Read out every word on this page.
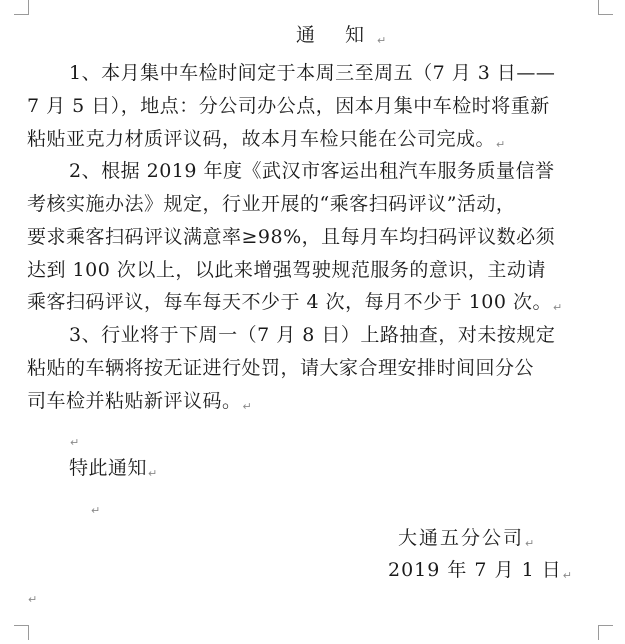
通 知↵
1、本月集中车检时间定于本周三至周五（7 月 3 日——
7 月 5 日），地点：分公司办公点，因本月集中车检时将重新
粘贴亚克力材质评议码，故本月车检只能在公司完成。↵
2、根据 2019 年度《武汉市客运出租汽车服务质量信誉
考核实施办法》规定，行业开展的“乘客扫码评议”活动，
要求乘客扫码评议满意率≥98%，且每月车均扫码评议数必须
达到 100 次以上，以此来增强驾驶规范服务的意识，主动请
乘客扫码评议，每车每天不少于 4 次，每月不少于 100 次。↵
3、行业将于下周一（7 月 8 日）上路抽查，对未按规定
粘贴的车辆将按无证进行处罚，请大家合理安排时间回分公
司车检并粘贴新评议码。↵
↵
特此通知↵
↵
大通五分公司↵
2019 年 7 月 1 日↵
↵
